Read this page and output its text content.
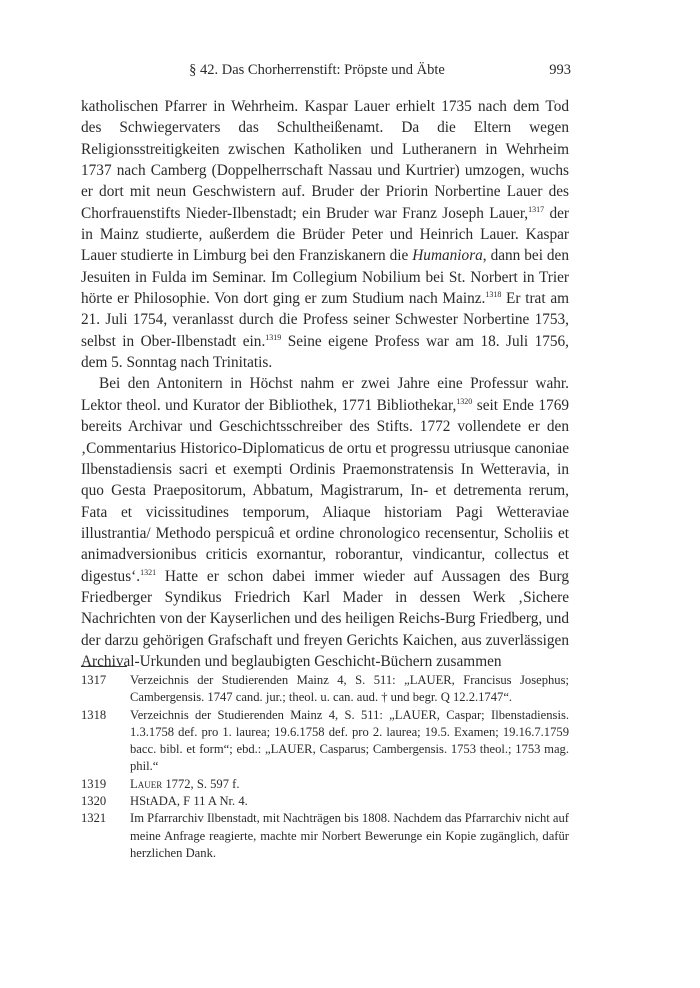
§ 42. Das Chorherrenstift: Pröpste und Äbte	993

katholischen Pfarrer in Wehrheim. Kaspar Lauer erhielt 1735 nach dem Tod des Schwiegervaters das Schultheißenamt. Da die Eltern wegen Religionsstreitigkeiten zwischen Katholiken und Lutheranern in Wehrheim 1737 nach Camberg (Doppelherrschaft Nassau und Kurtrier) umzogen, wuchs er dort mit neun Geschwistern auf. Bruder der Priorin Norbertine Lauer des Chorfrauenstifts Nieder-Ilbenstadt; ein Bruder war Franz Joseph Lauer,$^{1317}$ der in Mainz studierte, außerdem die Brüder Peter und Heinrich Lauer. Kaspar Lauer studierte in Limburg bei den Franziskanern die Humaniora, dann bei den Jesuiten in Fulda im Seminar. Im Collegium Nobilium bei St. Norbert in Trier hörte er Philosophie. Von dort ging er zum Studium nach Mainz.$^{1318}$ Er trat am 21. Juli 1754, veranlasst durch die Profess seiner Schwester Norbertine 1753, selbst in Ober-Ilbenstadt ein.$^{1319}$ Seine eigene Profess war am 18. Juli 1756, dem 5. Sonntag nach Trinitatis.

Bei den Antonitern in Höchst nahm er zwei Jahre eine Professur wahr. Lektor theol. und Kurator der Bibliothek, 1771 Bibliothekar,$^{1320}$ seit Ende 1769 bereits Archivar und Geschichtsschreiber des Stifts. 1772 vollendete er den ‚Commentarius Historico-Diplomaticus de ortu et progressu utriusque canoniae Ilbenstadiensis sacri et exempti Ordinis Praemonstratensis In Wetteravia, in quo Gesta Praepositorum, Abbatum, Magistrarum, In- et detrementa rerum, Fata et vicissitudines temporum, Aliaque historiam Pagi Wetteraviae illustrantia/ Methodo perspicuâ et ordine chronologico recensentur, Scholiis et animadversionibus criticis exornantur, roborantur, vindicantur, collectus et digestus‘.$^{1321}$ Hatte er schon dabei immer wieder auf Aussagen des Burg Friedberger Syndikus Friedrich Karl Mader in dessen Werk ‚Sichere Nachrichten von der Kayserlichen und des heiligen Reichs-Burg Friedberg, und der darzu gehörigen Grafschaft und freyen Gerichts Kaichen, aus zuverlässigen Archival-Urkunden und beglaubigten Geschicht-Büchern zusammen

1317 Verzeichnis der Studierenden Mainz 4, S. 511: „LAUER, Francisus Josephus; Cambergensis. 1747 cand. jur.; theol. u. can. aud. † und begr. Q 12.2.1747“.
1318 Verzeichnis der Studierenden Mainz 4, S. 511: „LAUER, Caspar; Ilbenstadiensis. 1.3.1758 def. pro 1. laurea; 19.6.1758 def. pro 2. laurea; 19.5. Examen; 19.16.7.1759 bacc. bibl. et form“; ebd.: „LAUER, Casparus; Cambergensis. 1753 theol.; 1753 mag. phil.“
1319 Lauer 1772, S. 597 f.
1320 HStADA, F 11 A Nr. 4.
1321 Im Pfarrarchiv Ilbenstadt, mit Nachträgen bis 1808. Nachdem das Pfarrarchiv nicht auf meine Anfrage reagierte, machte mir Norbert Bewerunge ein Kopie zugänglich, dafür herzlichen Dank.
